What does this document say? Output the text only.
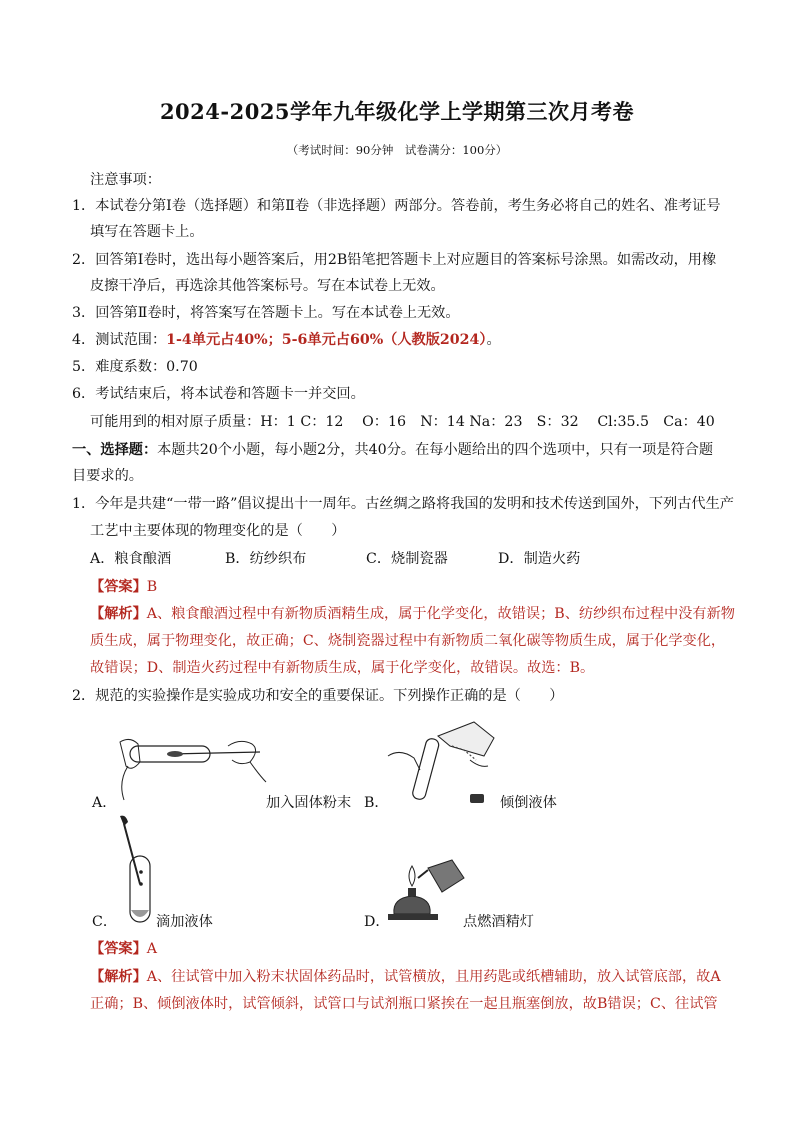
2024-2025学年九年级化学上学期第三次月考卷
（考试时间：90分钟　试卷满分：100分）
注意事项：
1．本试卷分第Ⅰ卷（选择题）和第Ⅱ卷（非选择题）两部分。答卷前，考生务必将自己的姓名、准考证号
填写在答题卡上。
2．回答第Ⅰ卷时，选出每小题答案后，用2B铅笔把答题卡上对应题目的答案标号涂黑。如需改动，用橡
皮擦干净后，再选涂其他答案标号。写在本试卷上无效。
3．回答第Ⅱ卷时，将答案写在答题卡上。写在本试卷上无效。
4．测试范围：1-4单元占40%；5-6单元占60%（人教版2024）。
5．难度系数：0.70
6．考试结束后，将本试卷和答题卡一并交回。
可能用到的相对原子质量：H：1 C：12　 O：16　N：14 Na：23　S：32　 Cl:35.5　Ca：40
一、选择题：本题共20个小题，每小题2分，共40分。在每小题给出的四个选项中，只有一项是符合题
目要求的。
1．今年是共建“一带一路”倡议提出十一周年。古丝绸之路将我国的发明和技术传送到国外，下列古代生产
工艺中主要体现的物理变化的是（　　）
A．粮食酿酒	B．纺纱织布	C．烧制瓷器	D．制造火药
【答案】B
【解析】A、粮食酿酒过程中有新物质酒精生成，属于化学变化，故错误；B、纺纱织布过程中没有新物
质生成，属于物理变化，故正确；C、烧制瓷器过程中有新物质二氧化碳等物质生成，属于化学变化，
故错误；D、制造火药过程中有新物质生成，属于化学变化，故错误。故选：B。
2．规范的实验操作是实验成功和安全的重要保证。下列操作正确的是（　　）
A．	加入固体粉末 B．	倾倒液体
C．	滴加液体	D．	点燃酒精灯
【答案】A
【解析】A、往试管中加入粉末状固体药品时，试管横放，且用药匙或纸槽辅助，放入试管底部，故A
正确；B、倾倒液体时，试管倾斜，试管口与试剂瓶口紧挨在一起且瓶塞倒放，故B错误；C、往试管
